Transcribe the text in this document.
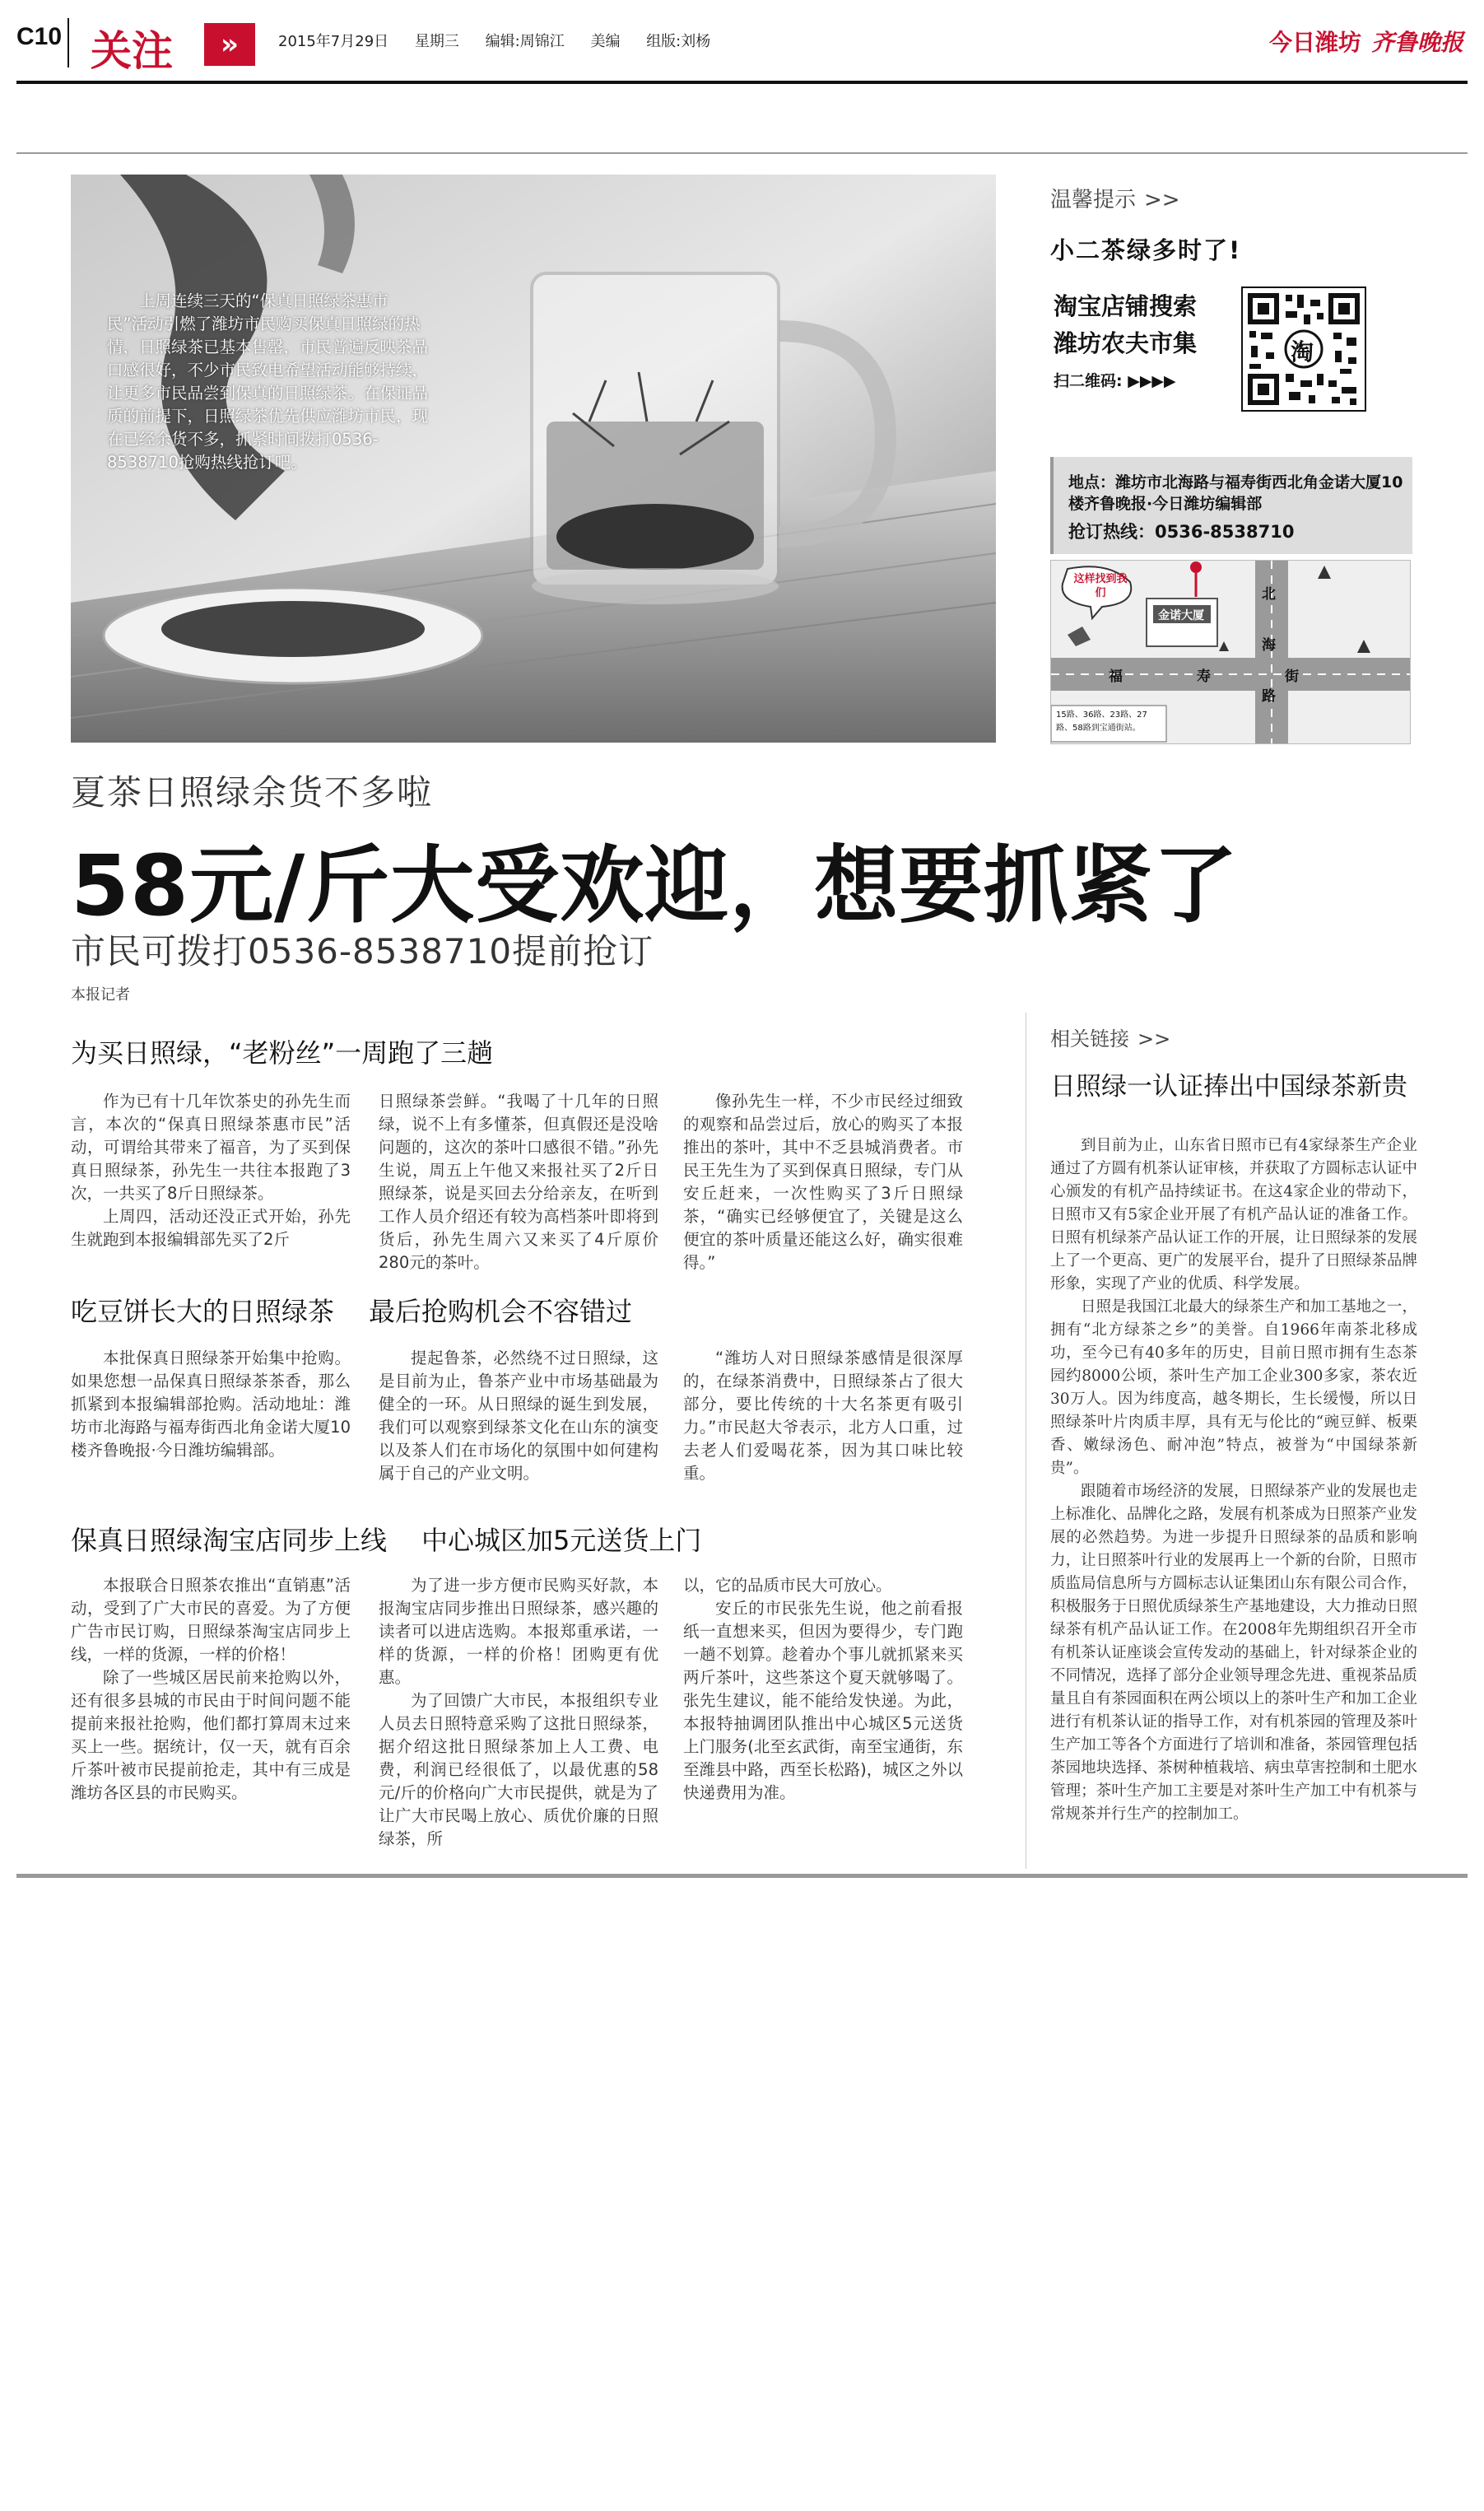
C10 关注	»	2015年7月29日 星期三 编辑:周锦江 美编 组版:刘杨	今日潍坊 齐鲁晚报
上周连续三天的“保真日照绿茶惠市民”活动引燃了潍坊市民购买保真日照绿的热情，日照绿茶已基本售罄，市民普遍反映茶品口感很好，不少市民致电希望活动能够持续，让更多市民品尝到保真的日照绿茶。在保证品质的前提下，日照绿茶优先供应潍坊市民，现在已经余货不多，抓紧时间拨打0536-8538710抢购热线抢订吧。
温馨提示 >>
小二茶绿多时了!
淘宝店铺搜索
潍坊农夫市集
扫二维码: ▶▶▶▶
淘
地点：潍坊市北海路与福寿街西北角金诺大厦10楼齐鲁晚报·今日潍坊编辑部
抢订热线：0536-8538710
这样找到我们
金诺大厦
北海路
福寿街
15路、36路、23路、27路、58路到宝通街站。
夏茶日照绿余货不多啦
58元/斤大受欢迎，想要抓紧了
市民可拨打0536-8538710提前抢订
本报记者
为买日照绿，“老粉丝”一周跑了三趟

作为已有十几年饮茶史的孙先生而言，本次的“保真日照绿茶惠市民”活动，可谓给其带来了福音，为了买到保真日照绿茶，孙先生一共往本报跑了3次，一共买了8斤日照绿茶。

上周四，活动还没正式开始，孙先生就跑到本报编辑部先买了2斤

日照绿茶尝鲜。“我喝了十几年的日照绿，说不上有多懂茶，但真假还是没啥问题的，这次的茶叶口感很不错。”孙先生说，周五上午他又来报社买了2斤日照绿茶，说是买回去分给亲友，在听到工作人员介绍还有较为高档茶叶即将到货后，孙先生周六又来买了4斤原价280元的茶叶。

像孙先生一样，不少市民经过细致的观察和品尝过后，放心的购买了本报推出的茶叶，其中不乏县城消费者。市民王先生为了买到保真日照绿，专门从安丘赶来，一次性购买了3斤日照绿茶，“确实已经够便宜了，关键是这么便宜的茶叶质量还能这么好，确实很难得。”

吃豆饼长大的日照绿茶 最后抢购机会不容错过

本批保真日照绿茶开始集中抢购。如果您想一品保真日照绿茶茶香，那么抓紧到本报编辑部抢购。活动地址：潍坊市北海路与福寿街西北角金诺大厦10楼齐鲁晚报·今日潍坊编辑部。

提起鲁茶，必然绕不过日照绿，这是目前为止，鲁茶产业中市场基础最为健全的一环。从日照绿的诞生到发展，我们可以观察到绿茶文化在山东的演变以及茶人们在市场化的氛围中如何建构属于自己的产业文明。

“潍坊人对日照绿茶感情是很深厚的，在绿茶消费中，日照绿茶占了很大部分，要比传统的十大名茶更有吸引力。”市民赵大爷表示，北方人口重，过去老人们爱喝花茶，因为其口味比较重。

保真日照绿淘宝店同步上线 中心城区加5元送货上门

本报联合日照茶农推出“直销惠”活动，受到了广大市民的喜爱。为了方便广告市民订购，日照绿茶淘宝店同步上线，一样的货源，一样的价格！

除了一些城区居民前来抢购以外，还有很多县城的市民由于时间问题不能提前来报社抢购，他们都打算周末过来买上一些。据统计，仅一天，就有百余斤茶叶被市民提前抢走，其中有三成是潍坊各区县的市民购买。

为了进一步方便市民购买好款，本报淘宝店同步推出日照绿茶，感兴趣的读者可以进店选购。本报郑重承诺，一样的货源，一样的价格！团购更有优惠。

为了回馈广大市民，本报组织专业人员去日照特意采购了这批日照绿茶，据介绍这批日照绿茶加上人工费、电费，利润已经很低了，以最优惠的58元/斤的价格向广大市民提供，就是为了让广大市民喝上放心、质优价廉的日照绿茶，所

以，它的品质市民大可放心。

安丘的市民张先生说，他之前看报纸一直想来买，但因为要得少，专门跑一趟不划算。趁着办个事儿就抓紧来买两斤茶叶，这些茶这个夏天就够喝了。张先生建议，能不能给发快递。为此，本报特抽调团队推出中心城区5元送货上门服务(北至玄武街，南至宝通街，东至潍县中路，西至长松路)，城区之外以快递费用为准。

相关链接 >>
日照绿一认证捧出中国绿茶新贵

到目前为止，山东省日照市已有4家绿茶生产企业通过了方圆有机茶认证审核，并获取了方圆标志认证中心颁发的有机产品持续证书。在这4家企业的带动下，日照市又有5家企业开展了有机产品认证的准备工作。日照有机绿茶产品认证工作的开展，让日照绿茶的发展上了一个更高、更广的发展平台，提升了日照绿茶品牌形象，实现了产业的优质、科学发展。

日照是我国江北最大的绿茶生产和加工基地之一，拥有“北方绿茶之乡”的美誉。自1966年南茶北移成功，至今已有40多年的历史，目前日照市拥有生态茶园约8000公顷，茶叶生产加工企业300多家，茶农近30万人。因为纬度高，越冬期长，生长缓慢，所以日照绿茶叶片肉质丰厚，具有无与伦比的“豌豆鲜、板栗香、嫩绿汤色、耐冲泡”特点，被誉为“中国绿茶新贵”。

跟随着市场经济的发展，日照绿茶产业的发展也走上标准化、品牌化之路，发展有机茶成为日照茶产业发展的必然趋势。为进一步提升日照绿茶的品质和影响力，让日照茶叶行业的发展再上一个新的台阶，日照市质监局信息所与方圆标志认证集团山东有限公司合作，积极服务于日照优质绿茶生产基地建设，大力推动日照绿茶有机产品认证工作。在2008年先期组织召开全市有机茶认证座谈会宣传发动的基础上，针对绿茶企业的不同情况，选择了部分企业领导理念先进、重视茶品质量且自有茶园面积在两公顷以上的茶叶生产和加工企业进行有机茶认证的指导工作，对有机茶园的管理及茶叶生产加工等各个方面进行了培训和准备，茶园管理包括茶园地块选择、茶树种植栽培、病虫草害控制和土肥水管理；茶叶生产加工主要是对茶叶生产加工中有机茶与常规茶并行生产的控制加工。
